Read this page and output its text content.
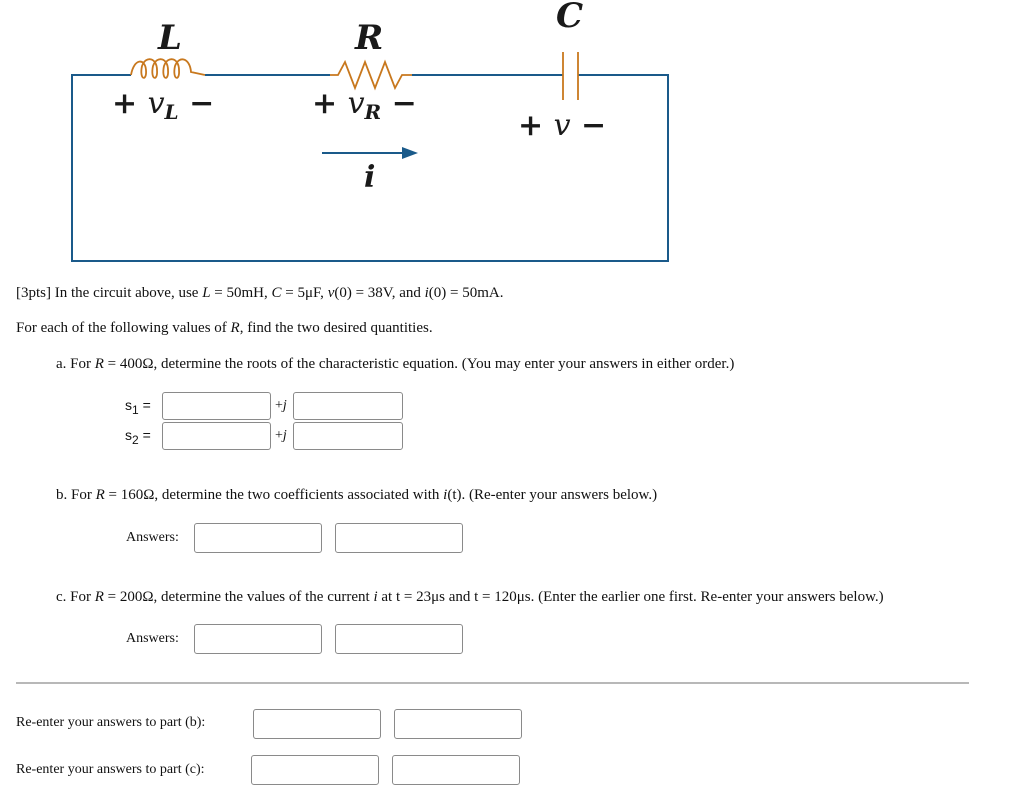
L	R
C
+ $v_L$ −	+ $v_R$ −
+ v −
i
[3pts] In the circuit above, use L = 50mH, C = 5μF, v(0) = 38V, and i(0) = 50mA.
For each of the following values of R, find the two desired quantities.
a. For R = 400Ω, determine the roots of the characteristic equation. (You may enter your answers in either order.)
s1 =	+j
s2 =	+j
b. For R = 160Ω, determine the two coefficients associated with i(t). (Re-enter your answers below.)
Answers:
c. For R = 200Ω, determine the values of the current i at t = 23μs and t = 120μs. (Enter the earlier one first. Re-enter your answers below.)
Answers:
Re-enter your answers to part (b):
Re-enter your answers to part (c):
